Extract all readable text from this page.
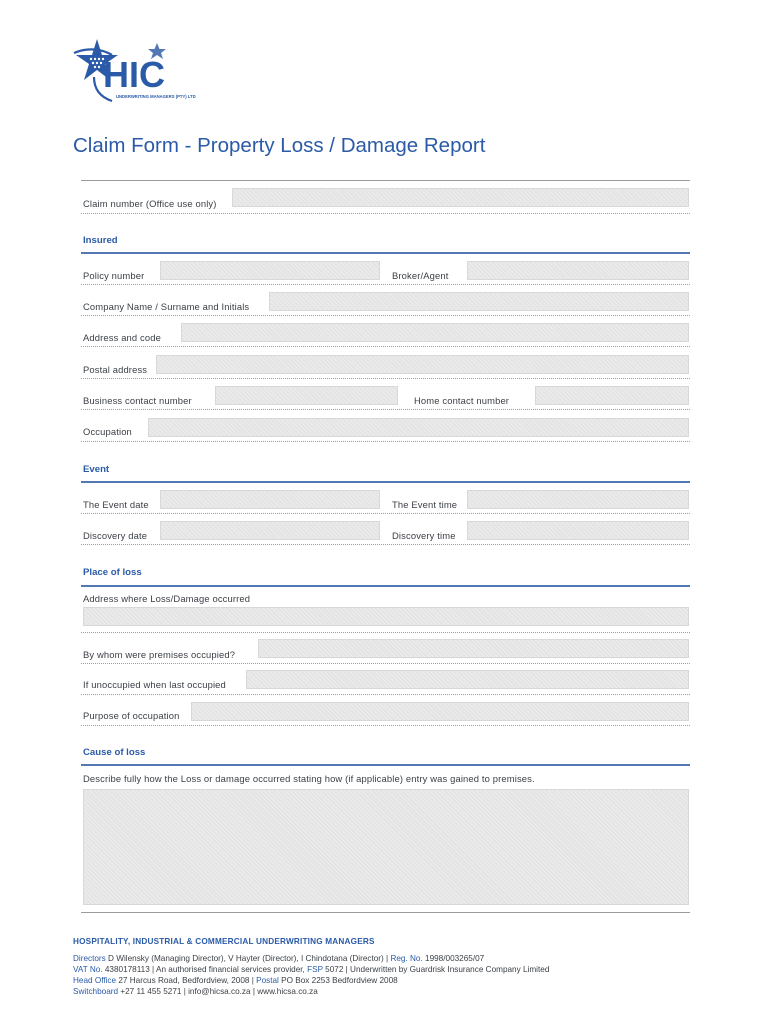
HIC
UNDERWRITING MANAGERS (PTY) LTD
Claim Form - Property Loss / Damage Report
Claim number (Office use only)
Insured
Policy number	Broker/Agent
Company Name / Surname and Initials
Address and code
Postal address
Business contact number	Home contact number
Occupation
Event
The Event date	The Event time
Discovery date	Discovery time
Place of loss
Address where Loss/Damage occurred
By whom were premises occupied?
If unoccupied when last occupied
Purpose of occupation
Cause of loss
Describe fully how the Loss or damage occurred stating how (if applicable) entry was gained to premises.
HOSPITALITY, INDUSTRIAL & COMMERCIAL UNDERWRITING MANAGERS
Directors D Wilensky (Managing Director), V Hayter (Director), I Chindotana (Director) | Reg. No. 1998/003265/07
VAT No. 4380178113 | An authorised financial services provider, FSP 5072 | Underwritten by Guardrisk Insurance Company Limited
Head Office 27 Harcus Road, Bedfordview, 2008 | Postal PO Box 2253 Bedfordview 2008
Switchboard +27 11 455 5271 | info@hicsa.co.za | www.hicsa.co.za
